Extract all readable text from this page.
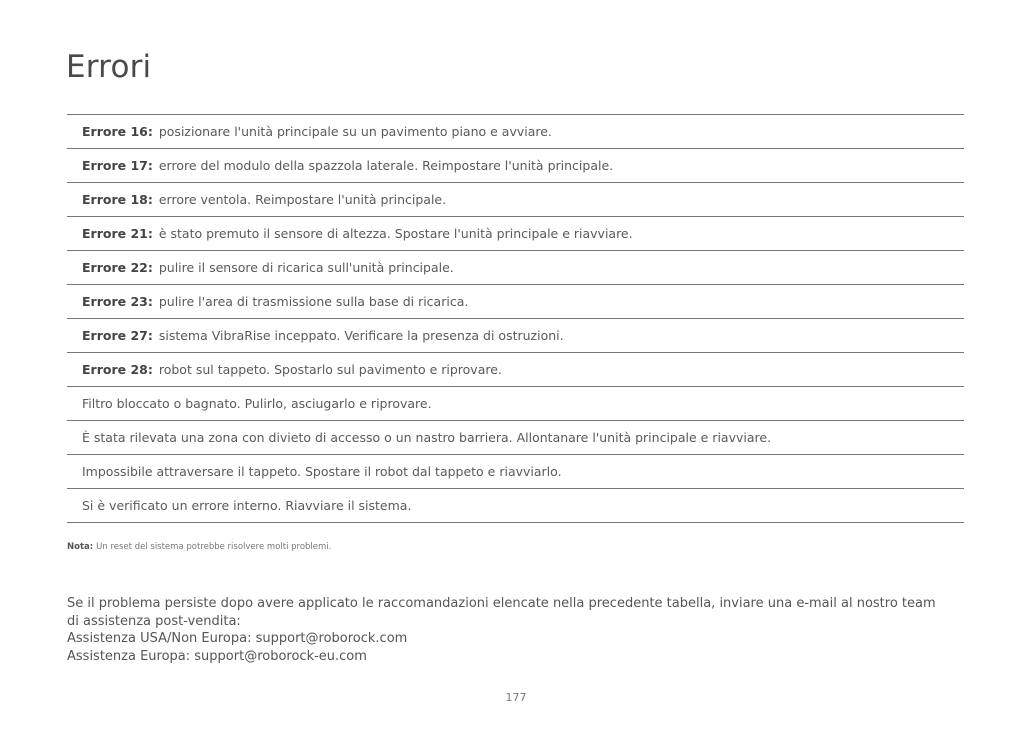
Errori
Errore 16: posizionare l'unità principale su un pavimento piano e avviare.
Errore 17: errore del modulo della spazzola laterale. Reimpostare l'unità principale.
Errore 18: errore ventola. Reimpostare l'unità principale.
Errore 21: è stato premuto il sensore di altezza. Spostare l'unità principale e riavviare.
Errore 22: pulire il sensore di ricarica sull'unità principale.
Errore 23: pulire l'area di trasmissione sulla base di ricarica.
Errore 27: sistema VibraRise inceppato. Verificare la presenza di ostruzioni.
Errore 28: robot sul tappeto. Spostarlo sul pavimento e riprovare.
Filtro bloccato o bagnato. Pulirlo, asciugarlo e riprovare.
È stata rilevata una zona con divieto di accesso o un nastro barriera. Allontanare l'unità principale e riavviare.
Impossibile attraversare il tappeto. Spostare il robot dal tappeto e riavviarlo.
Si è verificato un errore interno. Riavviare il sistema.
Nota: Un reset del sistema potrebbe risolvere molti problemi.
Se il problema persiste dopo avere applicato le raccomandazioni elencate nella precedente tabella, inviare una e-mail al nostro team di assistenza post-vendita:
Assistenza USA/Non Europa: support@roborock.com
Assistenza Europa: support@roborock-eu.com
177
